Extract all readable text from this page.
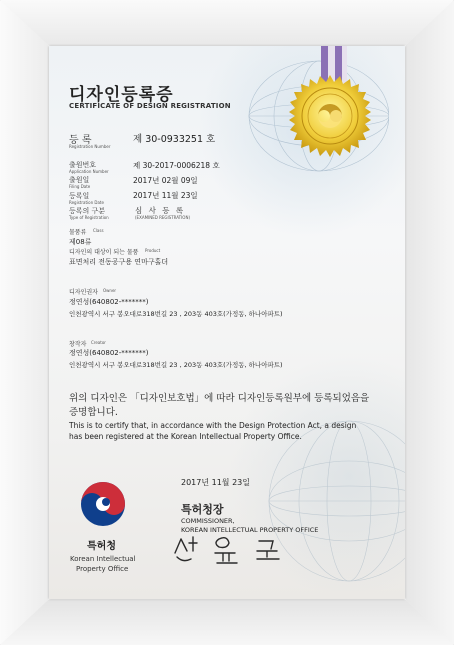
디자인등록증
CERTIFICATE OF DESIGN REGISTRATION
등 록
Registration Number
제 30-0933251 호
출원번호
Application Number
제 30-2017-0006218 호
출원일
Filing Date
2017년 02월 09일
등록일
Registration Date
2017년 11월 23일
등록의 구분
Type of Registration
심 사 등 록
(EXAMINED REGISTRATION)
물품류 Class
제08류
디자인의 대상이 되는 물품 Product
표면처리 전동공구용 연마구홀더
디자인권자 Owner
정연성(640802-*******)
인천광역시 서구 봉오대로318번길 23 , 203동 403호(가정동, 하나아파트)
창작자 Creator
정연성(640802-*******)
인천광역시 서구 봉오대로318번길 23 , 203동 403호(가정동, 하나아파트)
위의 디자인은 「디자인보호법」에 따라 디자인등록원부에 등록되었음을
증명합니다.
This is to certify that, in accordance with the Design Protection Act, a design
has been registered at the Korean Intellectual Property Office.
2017년 11월 23일
특허청장
COMMISSIONER,
KOREAN INTELLECTUAL PROPERTY OFFICE
특허청
Korean Intellectual
Property Office
